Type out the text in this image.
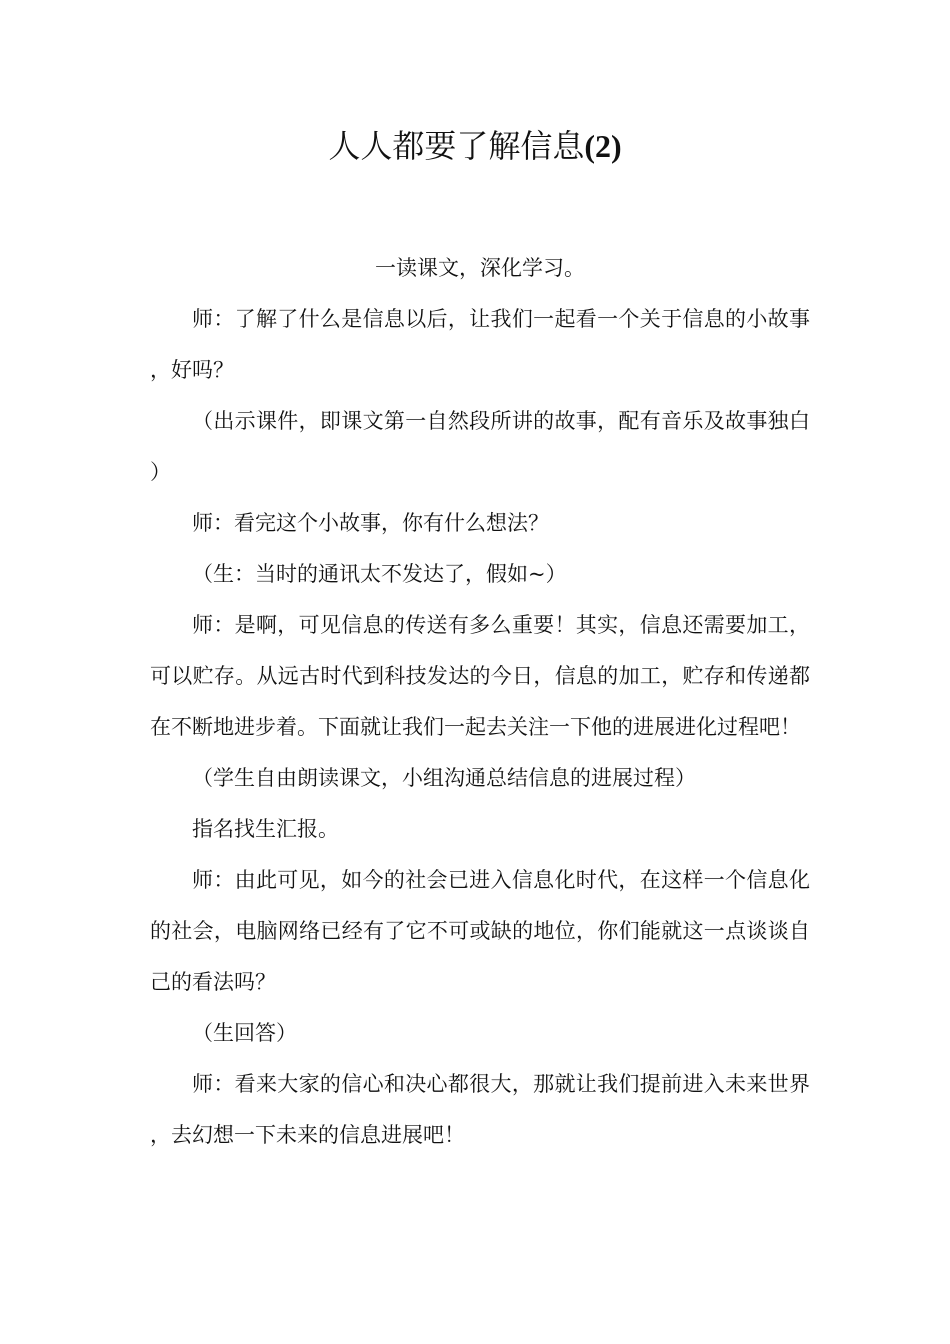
人人都要了解信息(2)

一读课文，深化学习。

师：了解了什么是信息以后，让我们一起看一个关于信息的小故事，好吗？

（出示课件，即课文第一自然段所讲的故事，配有音乐及故事独白）

师：看完这个小故事，你有什么想法？

（生：当时的通讯太不发达了，假如~）

师：是啊，可见信息的传送有多么重要！其实，信息还需要加工，可以贮存。从远古时代到科技发达的今日，信息的加工，贮存和传递都在不断地进步着。下面就让我们一起去关注一下他的进展进化过程吧！

（学生自由朗读课文，小组沟通总结信息的进展过程）

指名找生汇报。

师：由此可见，如今的社会已进入信息化时代，在这样一个信息化的社会，电脑网络已经有了它不可或缺的地位，你们能就这一点谈谈自己的看法吗？

（生回答）

师：看来大家的信心和决心都很大，那就让我们提前进入未来世界，去幻想一下未来的信息进展吧！
